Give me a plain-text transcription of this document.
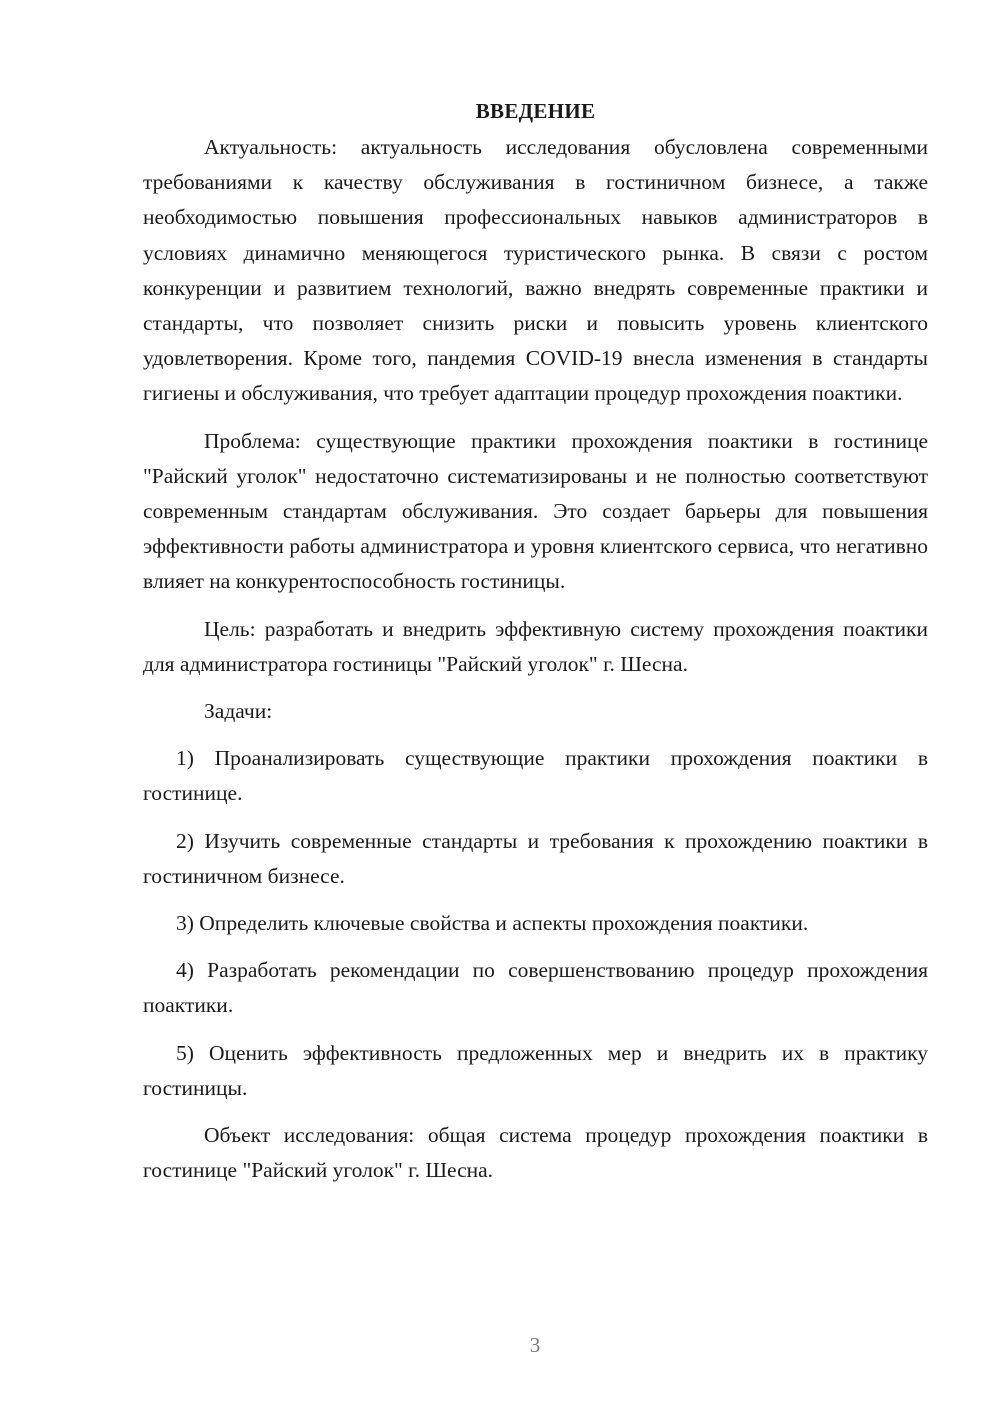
ВВЕДЕНИЕ

Актуальность: актуальность исследования обусловлена современными требованиями к качеству обслуживания в гостиничном бизнесе, а также необходимостью повышения профессиональных навыков администраторов в условиях динамично меняющегося туристического рынка. В связи с ростом конкуренции и развитием технологий, важно внедрять современные практики и стандарты, что позволяет снизить риски и повысить уровень клиентского удовлетворения. Кроме того, пандемия COVID-19 внесла изменения в стандарты гигиены и обслуживания, что требует адаптации процедур прохождения поактики.

Проблема: существующие практики прохождения поактики в гостинице "Райский уголок" недостаточно систематизированы и не полностью соответствуют современным стандартам обслуживания. Это создает барьеры для повышения эффективности работы администратора и уровня клиентского сервиса, что негативно влияет на конкурентоспособность гостиницы.

Цель: разработать и внедрить эффективную систему прохождения поактики для администратора гостиницы "Райский уголок" г. Шесна.

Задачи:

1) Проанализировать существующие практики прохождения поактики в гостинице.

2) Изучить современные стандарты и требования к прохождению поактики в гостиничном бизнесе.

3) Определить ключевые свойства и аспекты прохождения поактики.

4) Разработать рекомендации по совершенствованию процедур прохождения поактики.

5) Оценить эффективность предложенных мер и внедрить их в практику гостиницы.

Объект исследования: общая система процедур прохождения поактики в гостинице "Райский уголок" г. Шесна.

3
